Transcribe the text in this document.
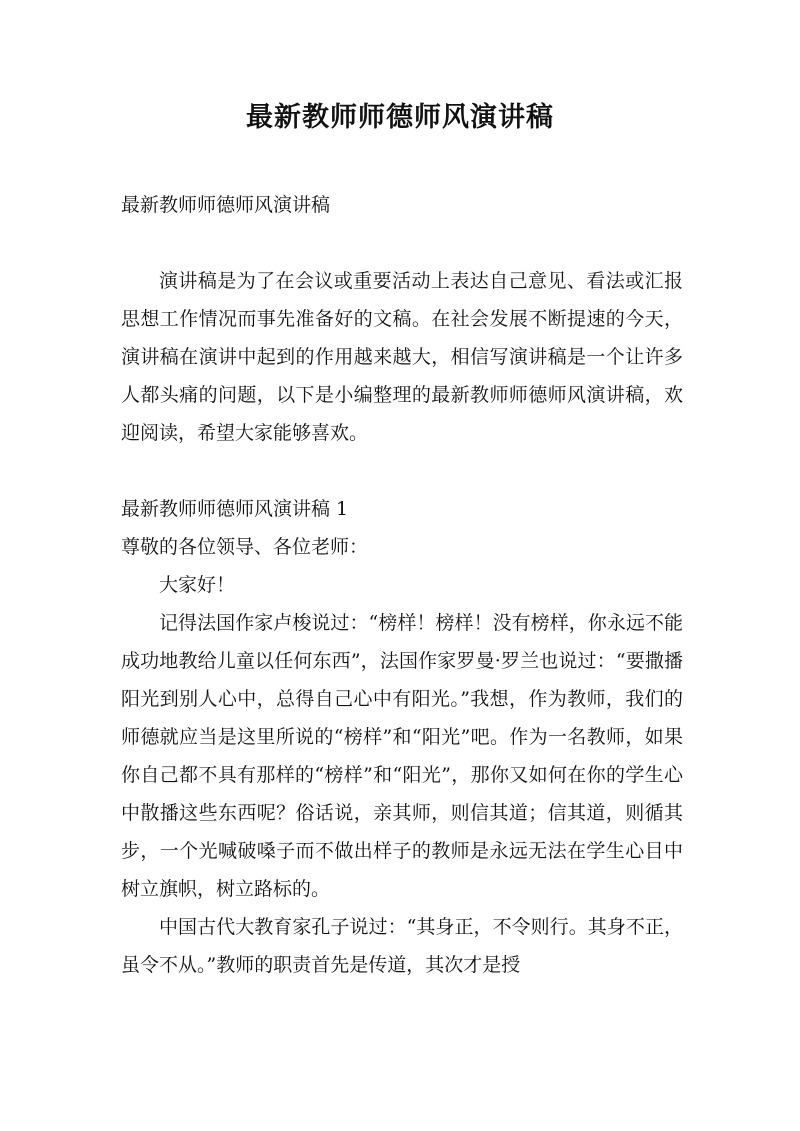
最新教师师德师风演讲稿

最新教师师德师风演讲稿

演讲稿是为了在会议或重要活动上表达自己意见、看法或汇报思想工作情况而事先准备好的文稿。在社会发展不断提速的今天，演讲稿在演讲中起到的作用越来越大，相信写演讲稿是一个让许多人都头痛的问题，以下是小编整理的最新教师师德师风演讲稿，欢迎阅读，希望大家能够喜欢。

最新教师师德师风演讲稿 1

尊敬的各位领导、各位老师：

大家好！

记得法国作家卢梭说过：“榜样！榜样！没有榜样，你永远不能成功地教给儿童以任何东西”，法国作家罗曼·罗兰也说过：“要撒播阳光到别人心中，总得自己心中有阳光。”我想，作为教师，我们的师德就应当是这里所说的“榜样”和“阳光”吧。作为一名教师，如果你自己都不具有那样的“榜样”和“阳光”，那你又如何在你的学生心中散播这些东西呢？俗话说，亲其师，则信其道；信其道，则循其步，一个光喊破嗓子而不做出样子的教师是永远无法在学生心目中树立旗帜，树立路标的。

中国古代大教育家孔子说过：“其身正，不令则行。其身不正，虽令不从。”教师的职责首先是传道，其次才是授
